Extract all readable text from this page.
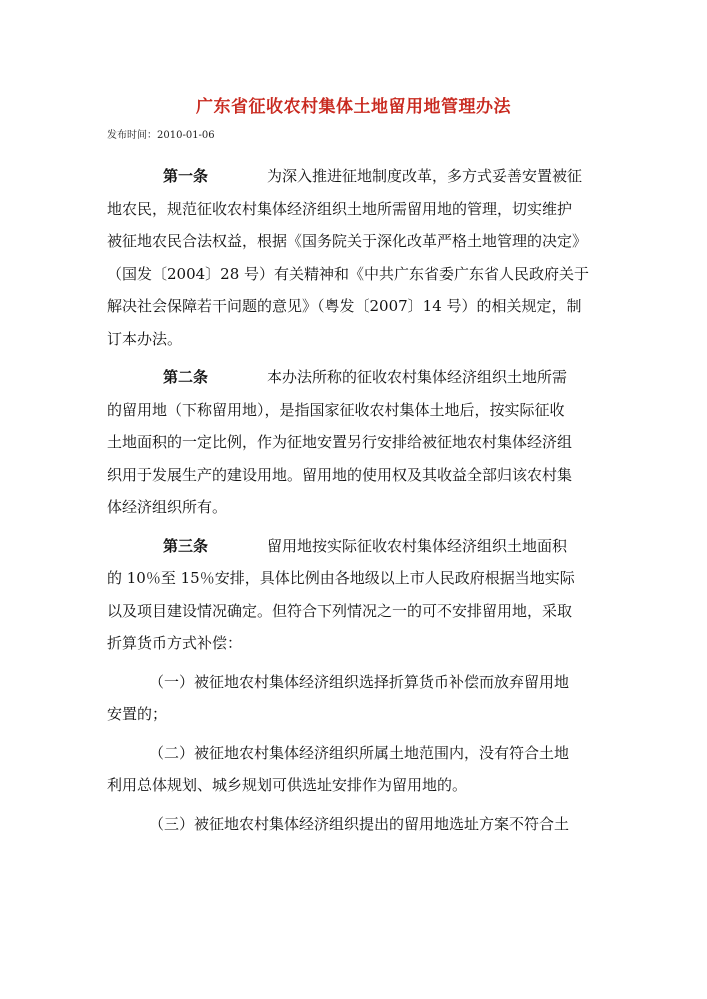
广东省征收农村集体土地留用地管理办法
发布时间：2010-01-06

第一条	为深入推进征地制度改革，多方式妥善安置被征

地农民，规范征收农村集体经济组织土地所需留用地的管理，切实维护

被征地农民合法权益，根据《国务院关于深化改革严格土地管理的决定》

（国发〔2004〕28 号）有关精神和《中共广东省委广东省人民政府关于

解决社会保障若干问题的意见》（粤发〔2007〕14 号）的相关规定，制

订本办法。

第二条	本办法所称的征收农村集体经济组织土地所需

的留用地（下称留用地），是指国家征收农村集体土地后，按实际征收

土地面积的一定比例，作为征地安置另行安排给被征地农村集体经济组

织用于发展生产的建设用地。留用地的使用权及其收益全部归该农村集

体经济组织所有。

第三条	留用地按实际征收农村集体经济组织土地面积

的 10％至 15％安排，具体比例由各地级以上市人民政府根据当地实际

以及项目建设情况确定。但符合下列情况之一的可不安排留用地，采取

折算货币方式补偿：

（一）被征地农村集体经济组织选择折算货币补偿而放弃留用地

安置的；

（二）被征地农村集体经济组织所属土地范围内，没有符合土地

利用总体规划、城乡规划可供选址安排作为留用地的。

（三）被征地农村集体经济组织提出的留用地选址方案不符合土
